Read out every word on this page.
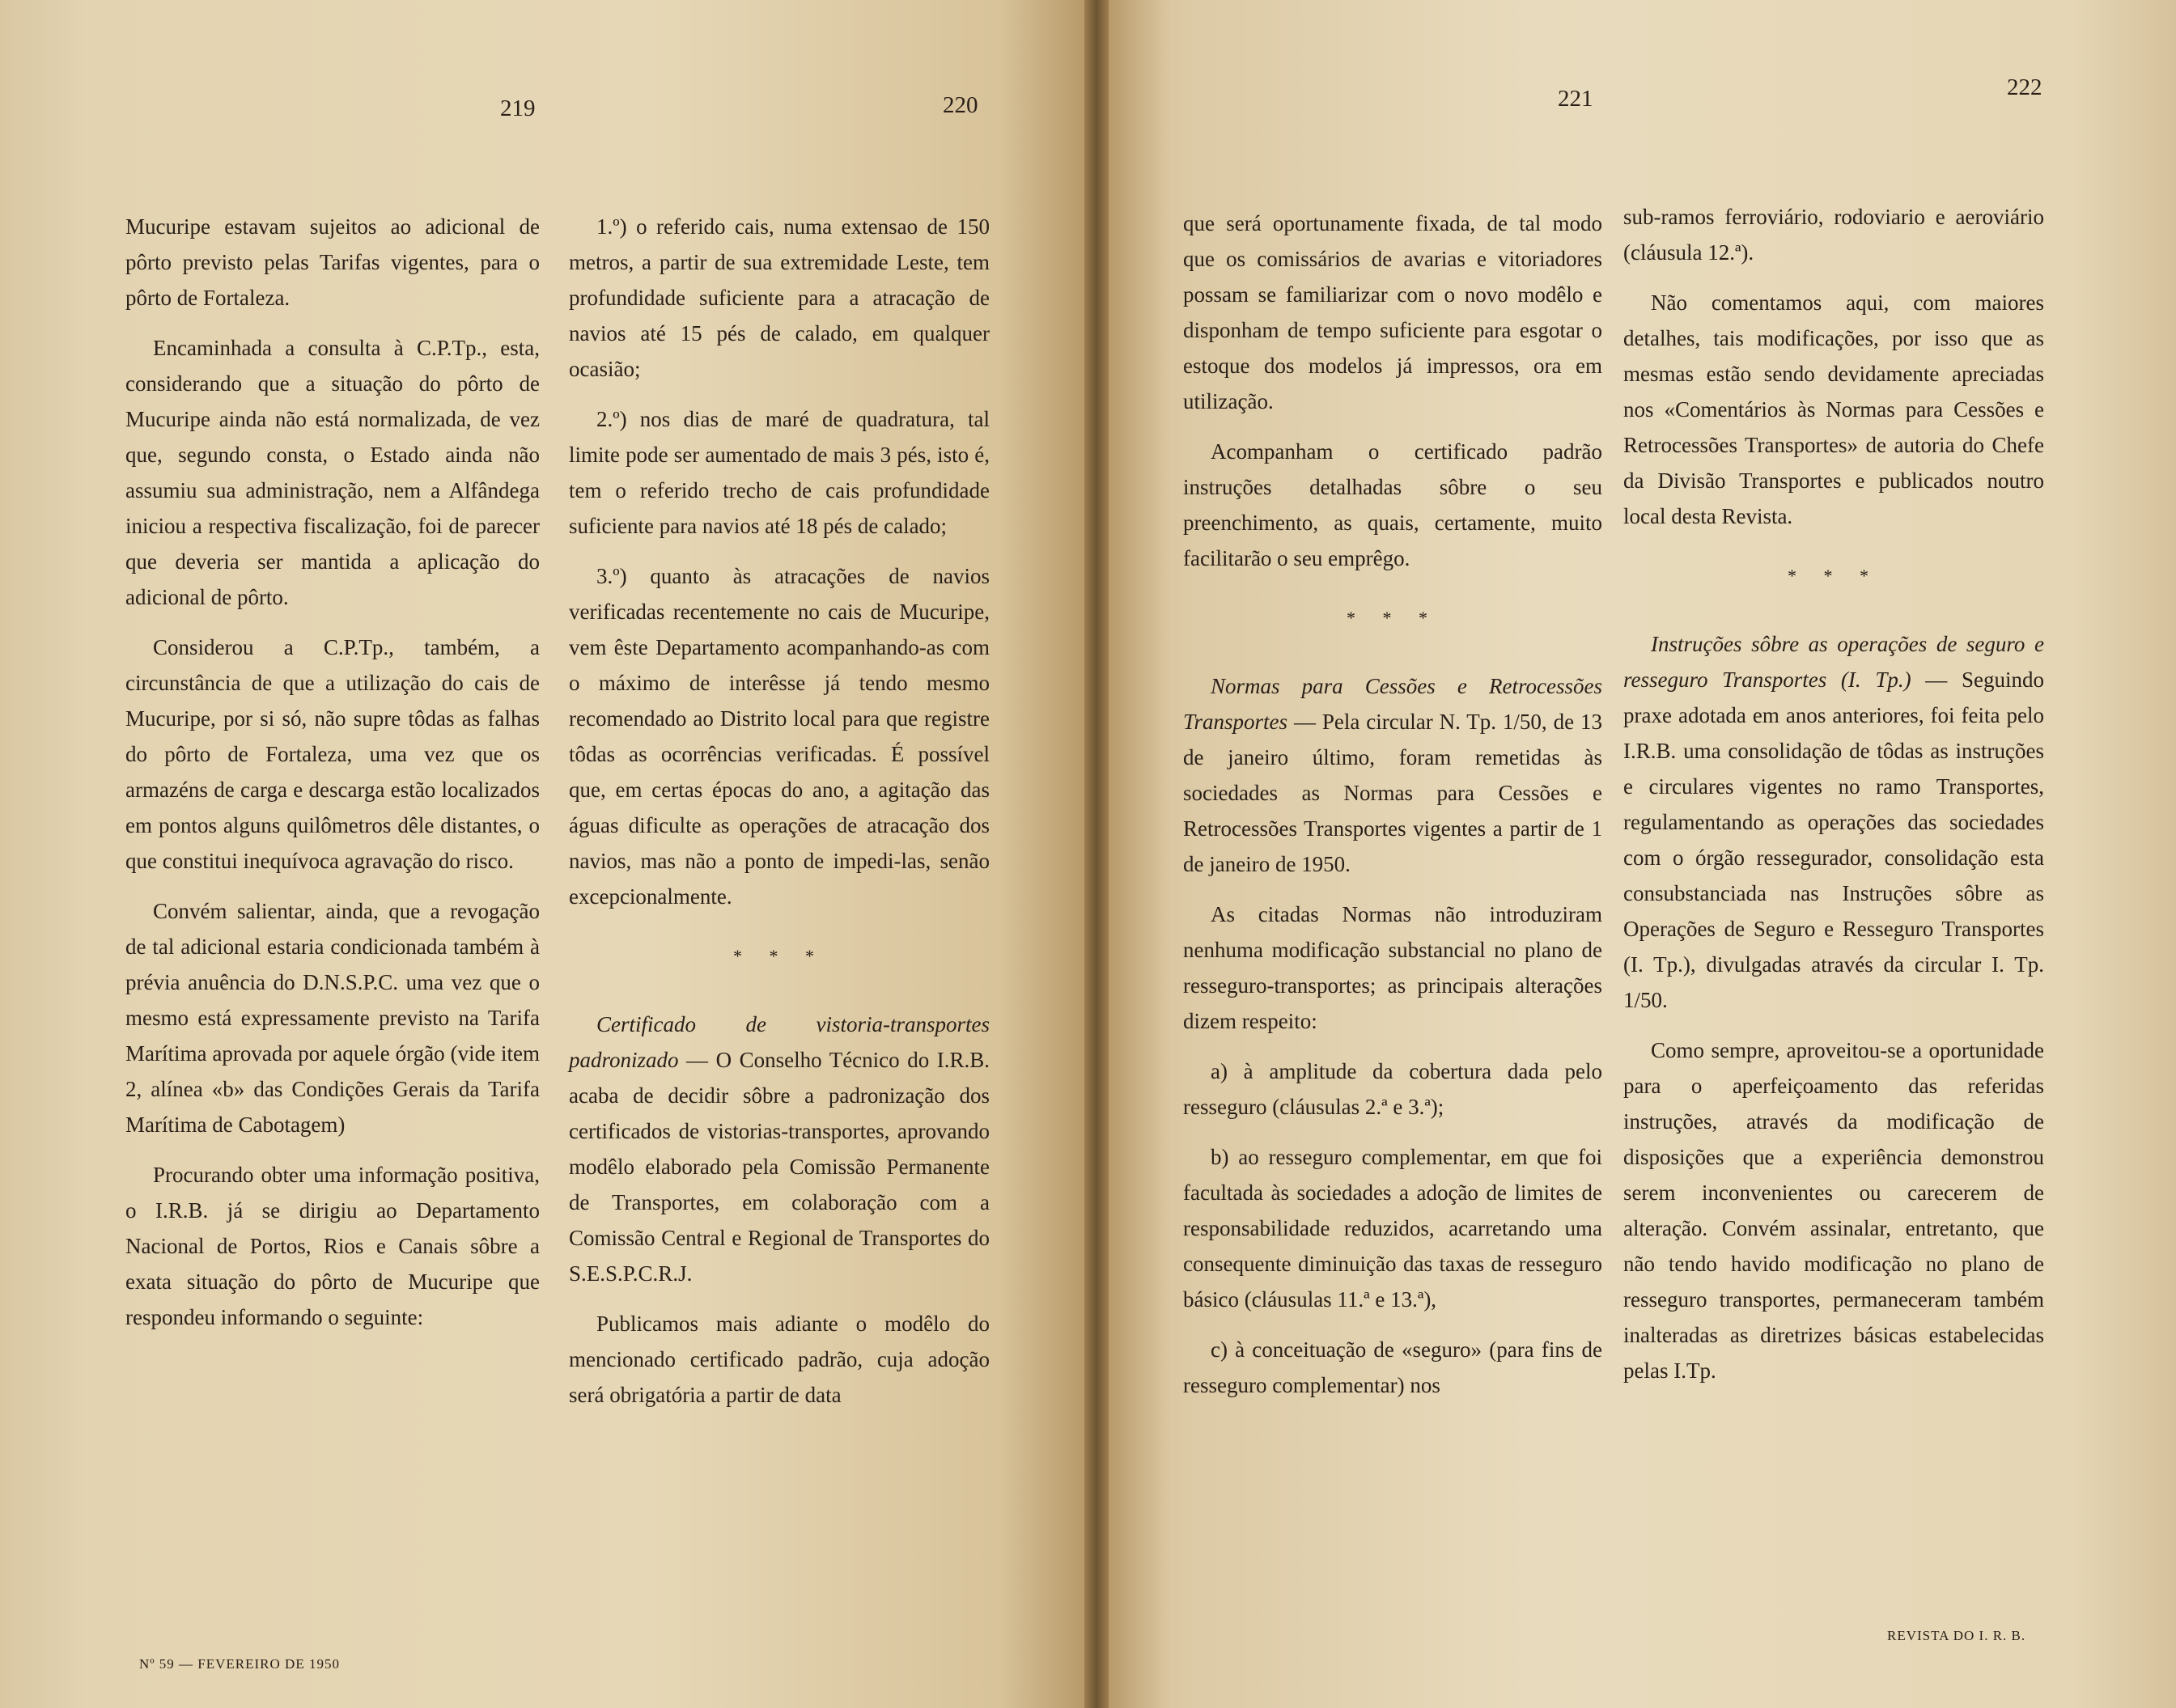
219	220

Mucuripe estavam sujeitos ao adicional de pôrto previsto pelas Tarifas vigentes, para o pôrto de Fortaleza.

Encaminhada a consulta à C.P.Tp., esta, considerando que a situação do pôrto de Mucuripe ainda não está normalizada, de vez que, segundo consta, o Estado ainda não assumiu sua administração, nem a Alfândega iniciou a respectiva fiscalização, foi de parecer que deveria ser mantida a aplicação do adicional de pôrto.

Considerou a C.P.Tp., também, a circunstância de que a utilização do cais de Mucuripe, por si só, não supre tôdas as falhas do pôrto de Fortaleza, uma vez que os armazéns de carga e descarga estão localizados em pontos alguns quilômetros dêle distantes, o que constitui inequívoca agravação do risco.

Convém salientar, ainda, que a revogação de tal adicional estaria condicionada também à prévia anuência do D.N.S.P.C. uma vez que o mesmo está expressamente previsto na Tarifa Marítima aprovada por aquele órgão (vide item 2, alínea «b» das Condições Gerais da Tarifa Marítima de Cabotagem)

Procurando obter uma informação positiva, o I.R.B. já se dirigiu ao Departamento Nacional de Portos, Rios e Canais sôbre a exata situação do pôrto de Mucuripe que respondeu informando o seguinte:

1.º) o referido cais, numa extensao de 150 metros, a partir de sua extremidade Leste, tem profundidade suficiente para a atracação de navios até 15 pés de calado, em qualquer ocasião;

2.º) nos dias de maré de quadratura, tal limite pode ser aumentado de mais 3 pés, isto é, tem o referido trecho de cais profundidade suficiente para navios até 18 pés de calado;

3.º) quanto às atracações de navios verificadas recentemente no cais de Mucuripe, vem êste Departamento acompanhando-as com o máximo de interêsse já tendo mesmo recomendado ao Distrito local para que registre tôdas as ocorrências verificadas. É possível que, em certas épocas do ano, a agitação das águas dificulte as operações de atracação dos navios, mas não a ponto de impedi-las, senão excepcionalmente.

* * *

Certificado de vistoria-transportes padronizado — O Conselho Técnico do I.R.B. acaba de decidir sôbre a padronização dos certificados de vistorias-transportes, aprovando modêlo elaborado pela Comissão Permanente de Transportes, em colaboração com a Comissão Central e Regional de Transportes do S.E.S.P.C.R.J.

Publicamos mais adiante o modêlo do mencionado certificado padrão, cuja adoção será obrigatória a partir de data

Nº 59 — FEVEREIRO DE 1950
221	222

que será oportunamente fixada, de tal modo que os comissários de avarias e vitoriadores possam se familiarizar com o novo modêlo e disponham de tempo suficiente para esgotar o estoque dos modelos já impressos, ora em utilização.

Acompanham o certificado padrão instruções detalhadas sôbre o seu preenchimento, as quais, certamente, muito facilitarão o seu emprêgo.

* * *

Normas para Cessões e Retrocessões Transportes — Pela circular N. Tp. 1/50, de 13 de janeiro último, foram remetidas às sociedades as Normas para Cessões e Retrocessões Transportes vigentes a partir de 1 de janeiro de 1950.

As citadas Normas não introduziram nenhuma modificação substancial no plano de resseguro-transportes; as principais alterações dizem respeito:

a) à amplitude da cobertura dada pelo resseguro (cláusulas 2.ª e 3.ª);

b) ao resseguro complementar, em que foi facultada às sociedades a adoção de limites de responsabilidade reduzidos, acarretando uma consequente diminuição das taxas de resseguro básico (cláusulas 11.ª e 13.ª),

c) à conceituação de «seguro» (para fins de resseguro complementar) nos

sub-ramos ferroviário, rodoviario e aeroviário (cláusula 12.ª).

Não comentamos aqui, com maiores detalhes, tais modificações, por isso que as mesmas estão sendo devidamente apreciadas nos «Comentários às Normas para Cessões e Retrocessões Transportes» de autoria do Chefe da Divisão Transportes e publicados noutro local desta Revista.

* * *

Instruções sôbre as operações de seguro e resseguro Transportes (I. Tp.) — Seguindo praxe adotada em anos anteriores, foi feita pelo I.R.B. uma consolidação de tôdas as instruções e circulares vigentes no ramo Transportes, regulamentando as operações das sociedades com o órgão ressegurador, consolidação esta consubstanciada nas Instruções sôbre as Operações de Seguro e Resseguro Transportes (I. Tp.), divulgadas através da circular I. Tp. 1/50.

Como sempre, aproveitou-se a oportunidade para o aperfeiçoamento das referidas instruções, através da modificação de disposições que a experiência demonstrou serem inconvenientes ou carecerem de alteração. Convém assinalar, entretanto, que não tendo havido modificação no plano de resseguro transportes, permaneceram também inalteradas as diretrizes básicas estabelecidas pelas I.Tp.

REVISTA DO I. R. B.
